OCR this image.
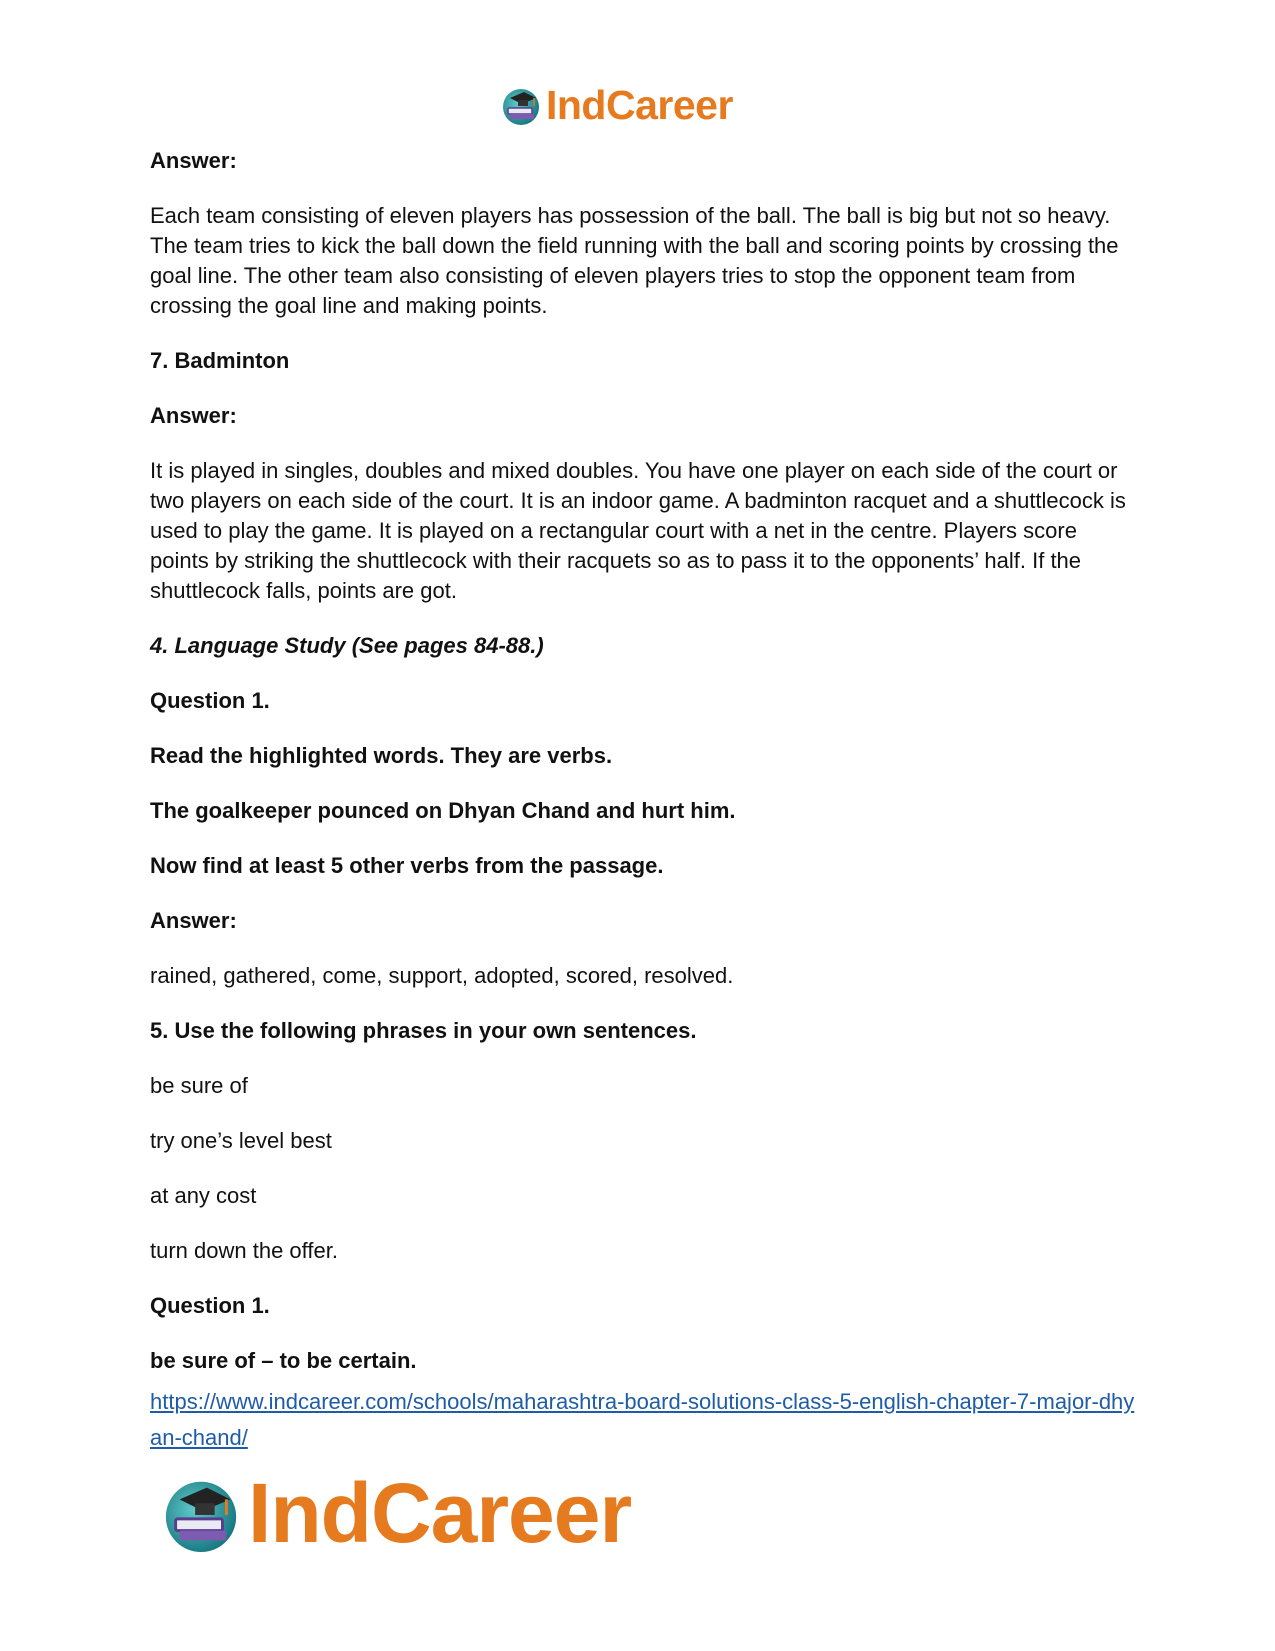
IndCareer

Answer:

Each team consisting of eleven players has possession of the ball. The ball is big but not so heavy. The team tries to kick the ball down the field running with the ball and scoring points by crossing the goal line. The other team also consisting of eleven players tries to stop the opponent team from crossing the goal line and making points.

7. Badminton

Answer:

It is played in singles, doubles and mixed doubles. You have one player on each side of the court or two players on each side of the court. It is an indoor game. A badminton racquet and a shuttlecock is used to play the game. It is played on a rectangular court with a net in the centre. Players score points by striking the shuttlecock with their racquets so as to pass it to the opponents’ half. If the shuttlecock falls, points are got.

4. Language Study (See pages 84-88.)

Question 1.

Read the highlighted words. They are verbs.

The goalkeeper pounced on Dhyan Chand and hurt him.

Now find at least 5 other verbs from the passage.

Answer:

rained, gathered, come, support, adopted, scored, resolved.

5. Use the following phrases in your own sentences.

be sure of

try one’s level best

at any cost

turn down the offer.

Question 1.

be sure of – to be certain.

https://www.indcareer.com/schools/maharashtra-board-solutions-class-5-english-chapter-7-major-dhyan-chand/
IndCareer
